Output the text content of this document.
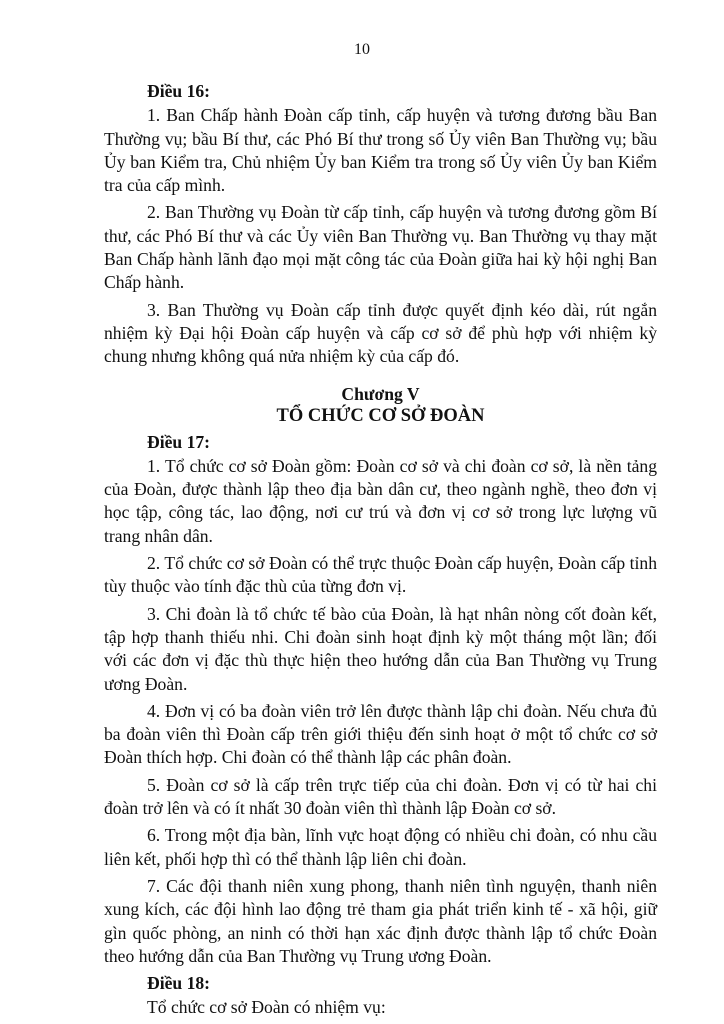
10
Điều 16:

1. Ban Chấp hành Đoàn cấp tỉnh, cấp huyện và tương đương bầu Ban Thường vụ; bầu Bí thư, các Phó Bí thư trong số Ủy viên Ban Thường vụ; bầu Ủy ban Kiểm tra, Chủ nhiệm Ủy ban Kiểm tra trong số Ủy viên Ủy ban Kiểm tra của cấp mình.

2. Ban Thường vụ Đoàn từ cấp tỉnh, cấp huyện và tương đương gồm Bí thư, các Phó Bí thư và các Ủy viên Ban Thường vụ. Ban Thường vụ thay mặt Ban Chấp hành lãnh đạo mọi mặt công tác của Đoàn giữa hai kỳ hội nghị Ban Chấp hành.

3. Ban Thường vụ Đoàn cấp tỉnh được quyết định kéo dài, rút ngắn nhiệm kỳ Đại hội Đoàn cấp huyện và cấp cơ sở để phù hợp với nhiệm kỳ chung nhưng không quá nửa nhiệm kỳ của cấp đó.

Chương V
TỔ CHỨC CƠ SỞ ĐOÀN
Điều 17:

1. Tổ chức cơ sở Đoàn gồm: Đoàn cơ sở và chi đoàn cơ sở, là nền tảng của Đoàn, được thành lập theo địa bàn dân cư, theo ngành nghề, theo đơn vị học tập, công tác, lao động, nơi cư trú và đơn vị cơ sở trong lực lượng vũ trang nhân dân.

2. Tổ chức cơ sở Đoàn có thể trực thuộc Đoàn cấp huyện, Đoàn cấp tỉnh tùy thuộc vào tính đặc thù của từng đơn vị.

3. Chi đoàn là tổ chức tế bào của Đoàn, là hạt nhân nòng cốt đoàn kết, tập hợp thanh thiếu nhi. Chi đoàn sinh hoạt định kỳ một tháng một lần; đối với các đơn vị đặc thù thực hiện theo hướng dẫn của Ban Thường vụ Trung ương Đoàn.

4. Đơn vị có ba đoàn viên trở lên được thành lập chi đoàn. Nếu chưa đủ ba đoàn viên thì Đoàn cấp trên giới thiệu đến sinh hoạt ở một tổ chức cơ sở Đoàn thích hợp. Chi đoàn có thể thành lập các phân đoàn.

5. Đoàn cơ sở là cấp trên trực tiếp của chi đoàn. Đơn vị có từ hai chi đoàn trở lên và có ít nhất 30 đoàn viên thì thành lập Đoàn cơ sở.

6. Trong một địa bàn, lĩnh vực hoạt động có nhiều chi đoàn, có nhu cầu liên kết, phối hợp thì có thể thành lập liên chi đoàn.

7. Các đội thanh niên xung phong, thanh niên tình nguyện, thanh niên xung kích, các đội hình lao động trẻ tham gia phát triển kinh tế - xã hội, giữ gìn quốc phòng, an ninh có thời hạn xác định được thành lập tổ chức Đoàn theo hướng dẫn của Ban Thường vụ Trung ương Đoàn.

Điều 18:

Tổ chức cơ sở Đoàn có nhiệm vụ:
